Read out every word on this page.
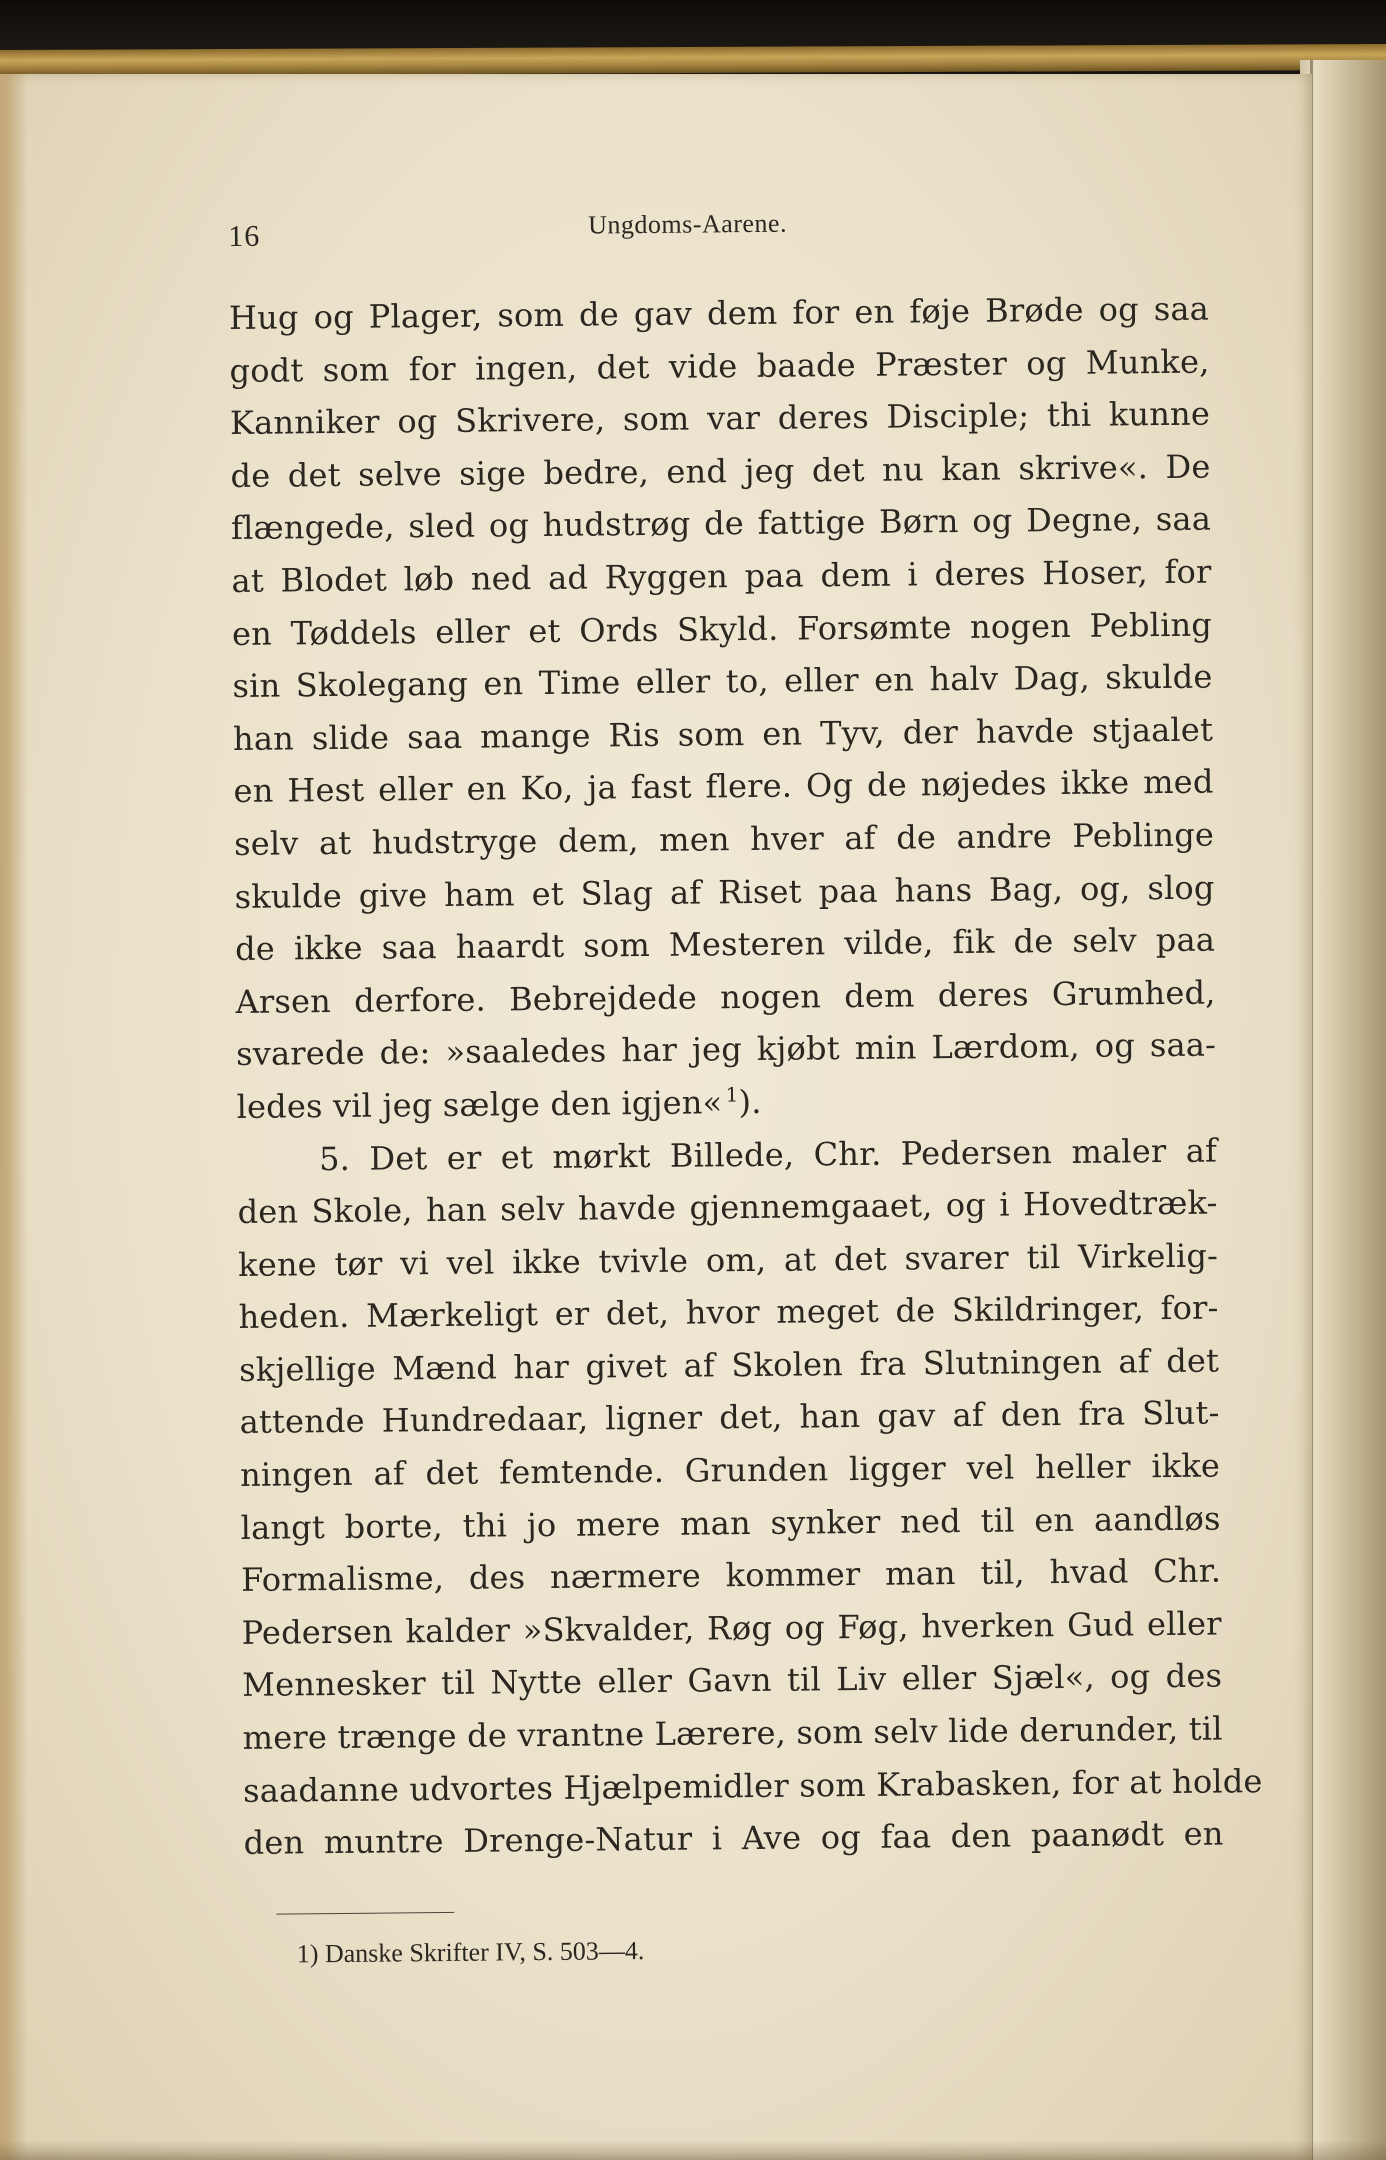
16	Ungdoms-Aarene.
Hug og Plager, som de gav dem for en føje Brøde og saa
godt som for ingen, det vide baade Præster og Munke,
Kanniker og Skrivere, som var deres Disciple; thi kunne
de det selve sige bedre, end jeg det nu kan skrive«. De
flængede, sled og hudstrøg de fattige Børn og Degne, saa
at Blodet løb ned ad Ryggen paa dem i deres Hoser, for
en Tøddels eller et Ords Skyld. Forsømte nogen Pebling
sin Skolegang en Time eller to, eller en halv Dag, skulde
han slide saa mange Ris som en Tyv, der havde stjaalet
en Hest eller en Ko, ja fast flere. Og de nøjedes ikke med
selv at hudstryge dem, men hver af de andre Peblinge
skulde give ham et Slag af Riset paa hans Bag, og, slog
de ikke saa haardt som Mesteren vilde, fik de selv paa
Arsen derfore. Bebrejdede nogen dem deres Grumhed,
svarede de: »saaledes har jeg kjøbt min Lærdom, og saa-
ledes vil jeg sælge den igjen«  $^1$).
5. Det er et mørkt Billede, Chr. Pedersen maler af
den Skole, han selv havde gjennemgaaet, og i Hovedtræk-
kene tør vi vel ikke tvivle om, at det svarer til Virkelig-
heden. Mærkeligt er det, hvor meget de Skildringer, for-
skjellige Mænd har givet af Skolen fra Slutningen af det
attende Hundredaar, ligner det, han gav af den fra Slut-
ningen af det femtende. Grunden ligger vel heller ikke
langt borte, thi jo mere man synker ned til en aandløs
Formalisme, des nærmere kommer man til, hvad Chr.
Pedersen kalder »Skvalder, Røg og Føg, hverken Gud eller
Mennesker til Nytte eller Gavn til Liv eller Sjæl«, og des
mere trænge de vrantne Lærere, som selv lide derunder, til
saadanne udvortes Hjælpemidler som Krabasken, for at holde
den muntre Drenge-Natur i Ave og faa den paanødt en
1) Danske Skrifter IV, S. 503—4.
